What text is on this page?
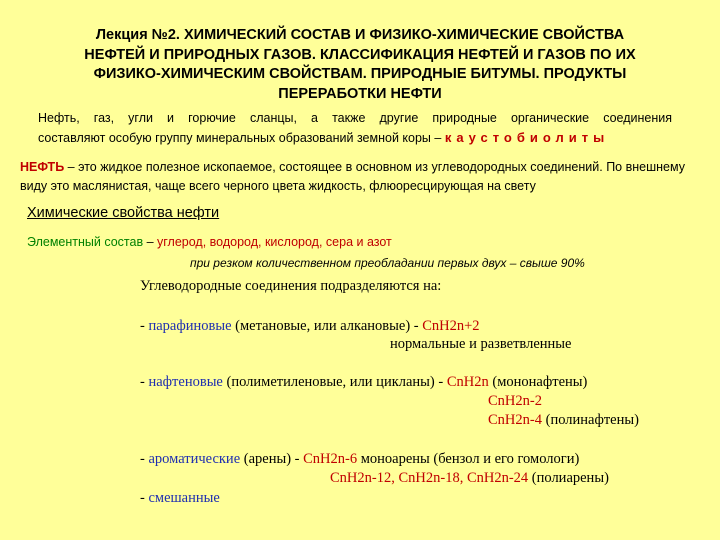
Лекция №2. ХИМИЧЕСКИЙ СОСТАВ И ФИЗИКО-ХИМИЧЕСКИЕ СВОЙСТВА
НЕФТЕЙ И ПРИРОДНЫХ ГАЗОВ. КЛАССИФИКАЦИЯ НЕФТЕЙ И ГАЗОВ ПО ИХ
ФИЗИКО-ХИМИЧЕСКИМ СВОЙСТВАМ. ПРИРОДНЫЕ БИТУМЫ. ПРОДУКТЫ
ПЕРЕРАБОТКИ НЕФТИ
Нефть, газ, угли и горючие сланцы, а также другие природные органические соединения
составляют особую группу минеральных образований земной коры – каустобиолиты
НЕФТЬ – это жидкое полезное ископаемое, состоящее в основном из углеводородных соединений. По внешнему виду это маслянистая, чаще всего черного цвета жидкость, флюоресцирующая на свету
Химические свойства нефти
Элементный состав – углерод, водород, кислород, сера и азот
при резком количественном преобладании первых двух – свыше 90%
Углеводородные соединения подразделяются на:
- парафиновые (метановые, или алкановые) - CnH2n+2
нормальные и разветвленные
- нафтеновые (полиметиленовые, или цикланы) - CnH2n (мононафтены)
CnH2n-2
CnH2n-4 (полинафтены)
- ароматические (арены) - CnH2n-6 моноарены (бензол и его гомологи)
CnH2n-12, CnH2n-18, CnH2n-24 (полиарены)
- смешанные
